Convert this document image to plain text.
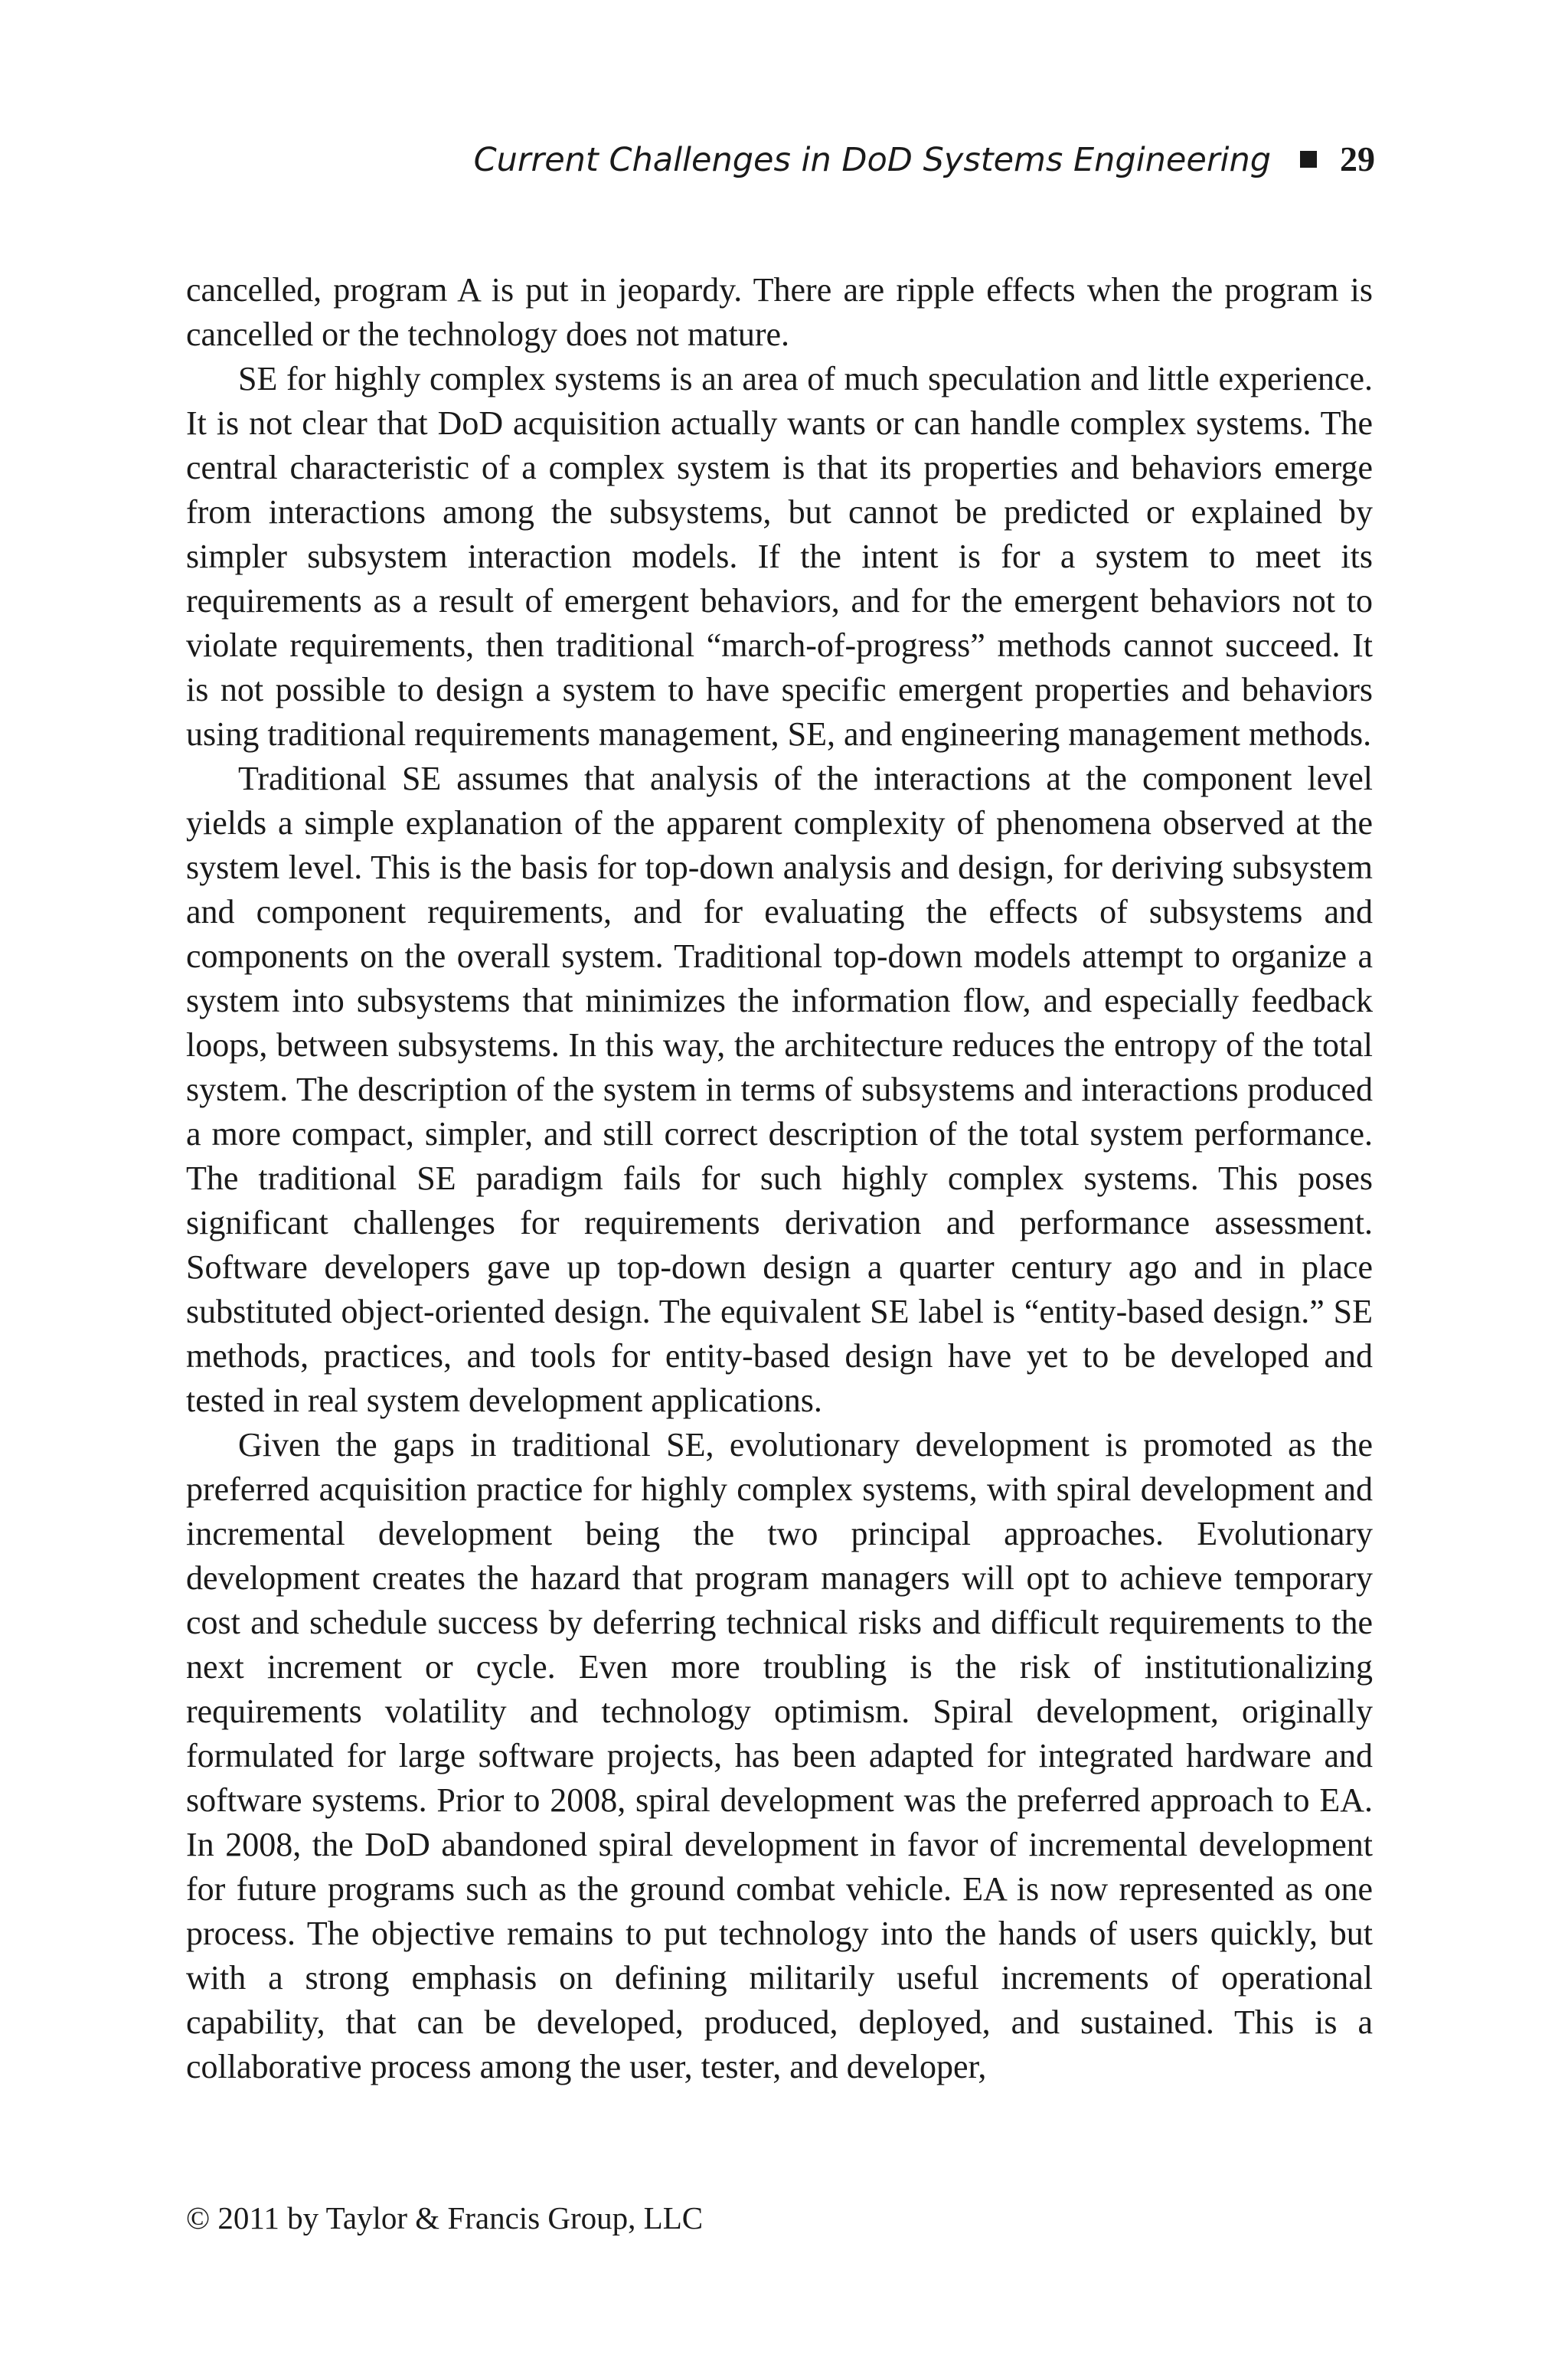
Current Challenges in DoD Systems Engineering 29

cancelled, program A is put in jeopardy. There are ripple effects when the program is cancelled or the technology does not mature.

SE for highly complex systems is an area of much speculation and little experience. It is not clear that DoD acquisition actually wants or can handle complex systems. The central characteristic of a complex system is that its properties and behaviors emerge from interactions among the subsystems, but cannot be predicted or explained by simpler subsystem interaction models. If the intent is for a system to meet its requirements as a result of emergent behaviors, and for the emergent behaviors not to violate requirements, then traditional “march-of-progress” methods cannot succeed. It is not possible to design a system to have specific emergent properties and behaviors using traditional requirements management, SE, and engineering management methods.

Traditional SE assumes that analysis of the interactions at the component level yields a simple explanation of the apparent complexity of phenomena observed at the system level. This is the basis for top-down analysis and design, for deriving subsystem and component requirements, and for evaluating the effects of subsystems and components on the overall system. Traditional top-down models attempt to organize a system into subsystems that minimizes the information flow, and especially feedback loops, between subsystems. In this way, the architecture reduces the entropy of the total system. The description of the system in terms of subsystems and interactions produced a more compact, simpler, and still correct description of the total system performance. The traditional SE paradigm fails for such highly complex systems. This poses significant challenges for requirements derivation and performance assessment. Software developers gave up top-down design a quarter century ago and in place substituted object-oriented design. The equivalent SE label is “entity-based design.” SE methods, practices, and tools for entity-based design have yet to be developed and tested in real system development applications.

Given the gaps in traditional SE, evolutionary development is promoted as the preferred acquisition practice for highly complex systems, with spiral development and incremental development being the two principal approaches. Evolutionary development creates the hazard that program managers will opt to achieve temporary cost and schedule success by deferring technical risks and difficult requirements to the next increment or cycle. Even more troubling is the risk of institutionalizing requirements volatility and technology optimism. Spiral development, originally formulated for large software projects, has been adapted for integrated hardware and software systems. Prior to 2008, spiral development was the preferred approach to EA. In 2008, the DoD abandoned spiral development in favor of incremental development for future programs such as the ground combat vehicle. EA is now represented as one process. The objective remains to put technology into the hands of users quickly, but with a strong emphasis on defining militarily useful increments of operational capability, that can be developed, produced, deployed, and sustained. This is a collaborative process among the user, tester, and developer,

© 2011 by Taylor & Francis Group, LLC
